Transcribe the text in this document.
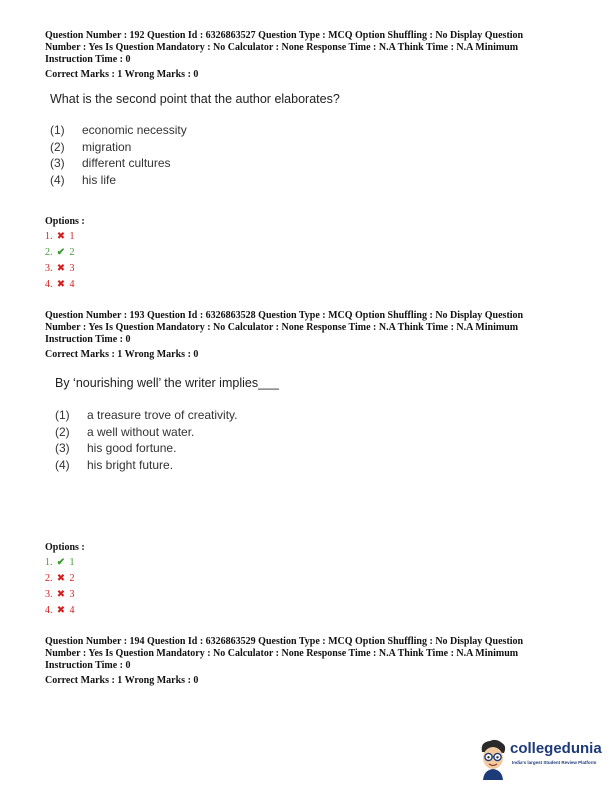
Question Number : 192 Question Id : 6326863527 Question Type : MCQ Option Shuffling : No Display Question
Number : Yes Is Question Mandatory : No Calculator : None Response Time : N.A Think Time : N.A Minimum
Instruction Time : 0
Correct Marks : 1 Wrong Marks : 0
What is the second point that the author elaborates?
(1) economic necessity
(2) migration
(3) different cultures
(4) his life
Options :
1. ✖ 1
2. ✔ 2
3. ✖ 3
4. ✖ 4
Question Number : 193 Question Id : 6326863528 Question Type : MCQ Option Shuffling : No Display Question
Number : Yes Is Question Mandatory : No Calculator : None Response Time : N.A Think Time : N.A Minimum
Instruction Time : 0
Correct Marks : 1 Wrong Marks : 0
By ‘nourishing well’ the writer implies___
(1) a treasure trove of creativity.
(2) a well without water.
(3) his good fortune.
(4) his bright future.
Options :
1. ✔ 1
2. ✖ 2
3. ✖ 3
4. ✖ 4
Question Number : 194 Question Id : 6326863529 Question Type : MCQ Option Shuffling : No Display Question
Number : Yes Is Question Mandatory : No Calculator : None Response Time : N.A Think Time : N.A Minimum
Instruction Time : 0
Correct Marks : 1 Wrong Marks : 0
collegedunia
India's largest Student Review Platform
